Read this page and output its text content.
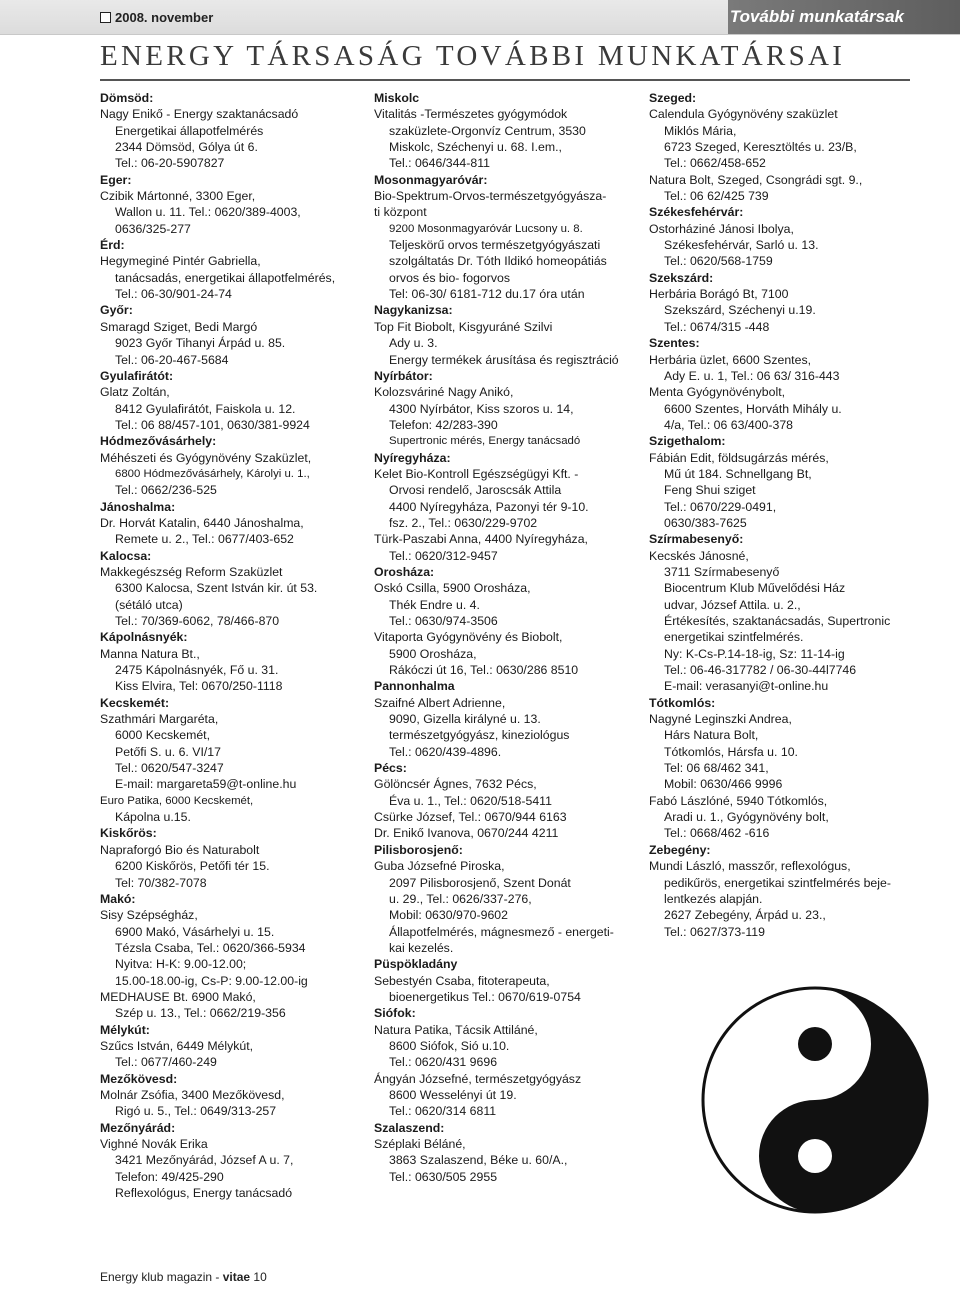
2008. november	További munkatársak
ENERGY TÁRSASÁG TOVÁBBI MUNKATÁRSAI
Dömsöd:
Nagy Enikő - Energy szaktanácsadó
Energetikai állapotfelmérés
2344 Dömsöd, Gólya út 6.
Tel.: 06-20-5907827
Eger:
Czibik Mártonné, 3300 Eger,
Wallon u. 11. Tel.: 0620/389-4003,
0636/325-277
Érd:
Hegymeginé Pintér Gabriella,
tanácsadás, energetikai állapotfelmérés,
Tel.: 06-30/901-24-74
Győr:
Smaragd Sziget, Bedi Margó
9023 Győr Tihanyi Árpád u. 85.
Tel.: 06-20-467-5684
Gyulafirátót:
Glatz Zoltán,
8412 Gyulafirátót, Faiskola u. 12.
Tel.: 06 88/457-101, 0630/381-9924
Hódmezővásárhely:
Méhészeti és Gyógynövény Szaküzlet,
6800 Hódmezővásárhely, Károlyi u. 1.,
Tel.: 0662/236-525
Jánoshalma:
Dr. Horvát Katalin, 6440 Jánoshalma,
Remete u. 2., Tel.: 0677/403-652
Kalocsa:
Makkegészség Reform Szaküzlet
6300 Kalocsa, Szent István kir. út 53.
(sétáló utca)
Tel.: 70/369-6062, 78/466-870
Kápolnásnyék:
Manna Natura Bt.,
2475 Kápolnásnyék, Fő u. 31.
Kiss Elvira, Tel: 0670/250-1118
Kecskemét:
Szathmári Margaréta,
6000 Kecskemét,
Petőfi S. u. 6. VI/17
Tel.: 0620/547-3247
E-mail: margareta59@t-online.hu
Euro Patika, 6000 Kecskemét,
Kápolna u.15.
Kiskőrös:
Napraforgó Bio és Naturabolt
6200 Kiskőrös, Petőfi tér 15.
Tel: 70/382-7078
Makó:
Sisy Szépségház,
6900 Makó, Vásárhelyi u. 15.
Tézsla Csaba, Tel.: 0620/366-5934
Nyitva: H-K: 9.00-12.00;
15.00-18.00-ig, Cs-P: 9.00-12.00-ig
MEDHAUSE Bt. 6900 Makó,
Szép u. 13., Tel.: 0662/219-356
Mélykút:
Szűcs István, 6449 Mélykút,
Tel.: 0677/460-249
Mezőkövesd:
Molnár Zsófia, 3400 Mezőkövesd,
Rigó u. 5., Tel.: 0649/313-257
Mezőnyárád:
Vighné Novák Erika
3421 Mezőnyárád, József A u. 7,
Telefon: 49/425-290
Reflexológus, Energy tanácsadó
Miskolc
Vitalitás -Természetes gyógymódok
szaküzlete-Orgonvíz Centrum, 3530
Miskolc, Széchenyi u. 68. I.em.,
Tel.: 0646/344-811
Mosonmagyaróvár:
Bio-Spektrum-Orvos-természetgyógyásza-
ti központ
9200 Mosonmagyaróvár Lucsony u. 8.
Teljeskörű orvos természetgyógyászati
szolgáltatás Dr. Tóth Ildikó homeopátiás
orvos és bio- fogorvos
Tel: 06-30/ 6181-712 du.17 óra után
Nagykanizsa:
Top Fit Biobolt, Kisgyuráné Szilvi
Ady u. 3.
Energy termékek árusítása és regisztráció
Nyírbátor:
Kolozsváriné Nagy Anikó,
4300 Nyírbátor, Kiss szoros u. 14,
Telefon: 42/283-390
Supertronic mérés, Energy tanácsadó
Nyíregyháza:
Kelet Bio-Kontroll Egészségügyi Kft. -
Orvosi rendelő, Jaroscsák Attila
4400 Nyíregyháza, Pazonyi tér 9-10.
fsz. 2., Tel.: 0630/229-9702
Türk-Paszabi Anna, 4400 Nyíregyháza,
Tel.: 0620/312-9457
Orosháza:
Oskó Csilla, 5900 Orosháza,
Thék Endre u. 4.
Tel.: 0630/974-3506
Vitaporta Gyógynövény és Biobolt,
5900 Orosháza,
Rákóczi út 16, Tel.: 0630/286 8510
Pannonhalma
Szaifné Albert Adrienne,
9090, Gizella királyné u. 13.
természetgyógyász, kineziológus
Tel.: 0620/439-4896.
Pécs:
Gölöncsér Ágnes, 7632 Pécs,
Éva u. 1., Tel.: 0620/518-5411
Csürke József, Tel.: 0670/944 6163
Dr. Enikő Ivanova, 0670/244 4211
Pilisborosjenő:
Guba Józsefné Piroska,
2097 Pilisborosjenő, Szent Donát
u. 29., Tel.: 0626/337-276,
Mobil: 0630/970-9602
Állapotfelmérés, mágnesmező - energeti-
kai kezelés.
Püspökladány
Sebestyén Csaba, fitoterapeuta,
bioenergetikus Tel.: 0670/619-0754
Siófok:
Natura Patika, Tácsik Attiláné,
8600 Siófok, Sió u.10.
Tel.: 0620/431 9696
Ángyán Józsefné, természetgyógyász
8600 Wesselényi út 19.
Tel.: 0620/314 6811
Szalaszend:
Széplaki Béláné,
3863 Szalaszend, Béke u. 60/A.,
Tel.: 0630/505 2955
Szeged:
Calendula Gyógynövény szaküzlet
Miklós Mária,
6723 Szeged, Keresztöltés u. 23/B,
Tel.: 0662/458-652
Natura Bolt, Szeged, Csongrádi sgt. 9.,
Tel.: 06 62/425 739
Székesfehérvár:
Ostorháziné Jánosi Ibolya,
Székesfehérvár, Sarló u. 13.
Tel.: 0620/568-1759
Szekszárd:
Herbária Borágó Bt, 7100
Szekszárd, Széchenyi u.19.
Tel.: 0674/315 -448
Szentes:
Herbária üzlet, 6600 Szentes,
Ady E. u. 1, Tel.: 06 63/ 316-443
Menta Gyógynövénybolt,
6600 Szentes, Horváth Mihály u.
4/a, Tel.: 06 63/400-378
Szigethalom:
Fábián Edit, földsugárzás mérés,
Mű út 184. Schnellgang Bt,
Feng Shui sziget
Tel.: 0670/229-0491,
0630/383-7625
Szírmabesenyő:
Kecskés Jánosné,
3711 Szírmabesenyő
Biocentrum Klub Művelődési Ház
udvar, József Attila. u. 2.,
Értékesítés, szaktanácsadás, Supertronic
energetikai szintfelmérés.
Ny: K-Cs-P.14-18-ig, Sz: 11-14-ig
Tel.: 06-46-317782 / 06-30-44l7746
E-mail: verasanyi@t-online.hu
Tótkomlós:
Nagyné Leginszki Andrea,
Hárs Natura Bolt,
Tótkomlós, Hársfa u. 10.
Tel: 06 68/462 341,
Mobil: 0630/466 9996
Fabó Lászlóné, 5940 Tótkomlós,
Aradi u. 1., Gyógynövény bolt,
Tel.: 0668/462 -616
Zebegény:
Mundi László, masszőr, reflexológus,
pedikűrös, energetikai szintfelmérés beje-
lentkezés alapján.
2627 Zebegény, Árpád u. 23.,
Tel.: 0627/373-119
Energy klub magazin - vitae 10
